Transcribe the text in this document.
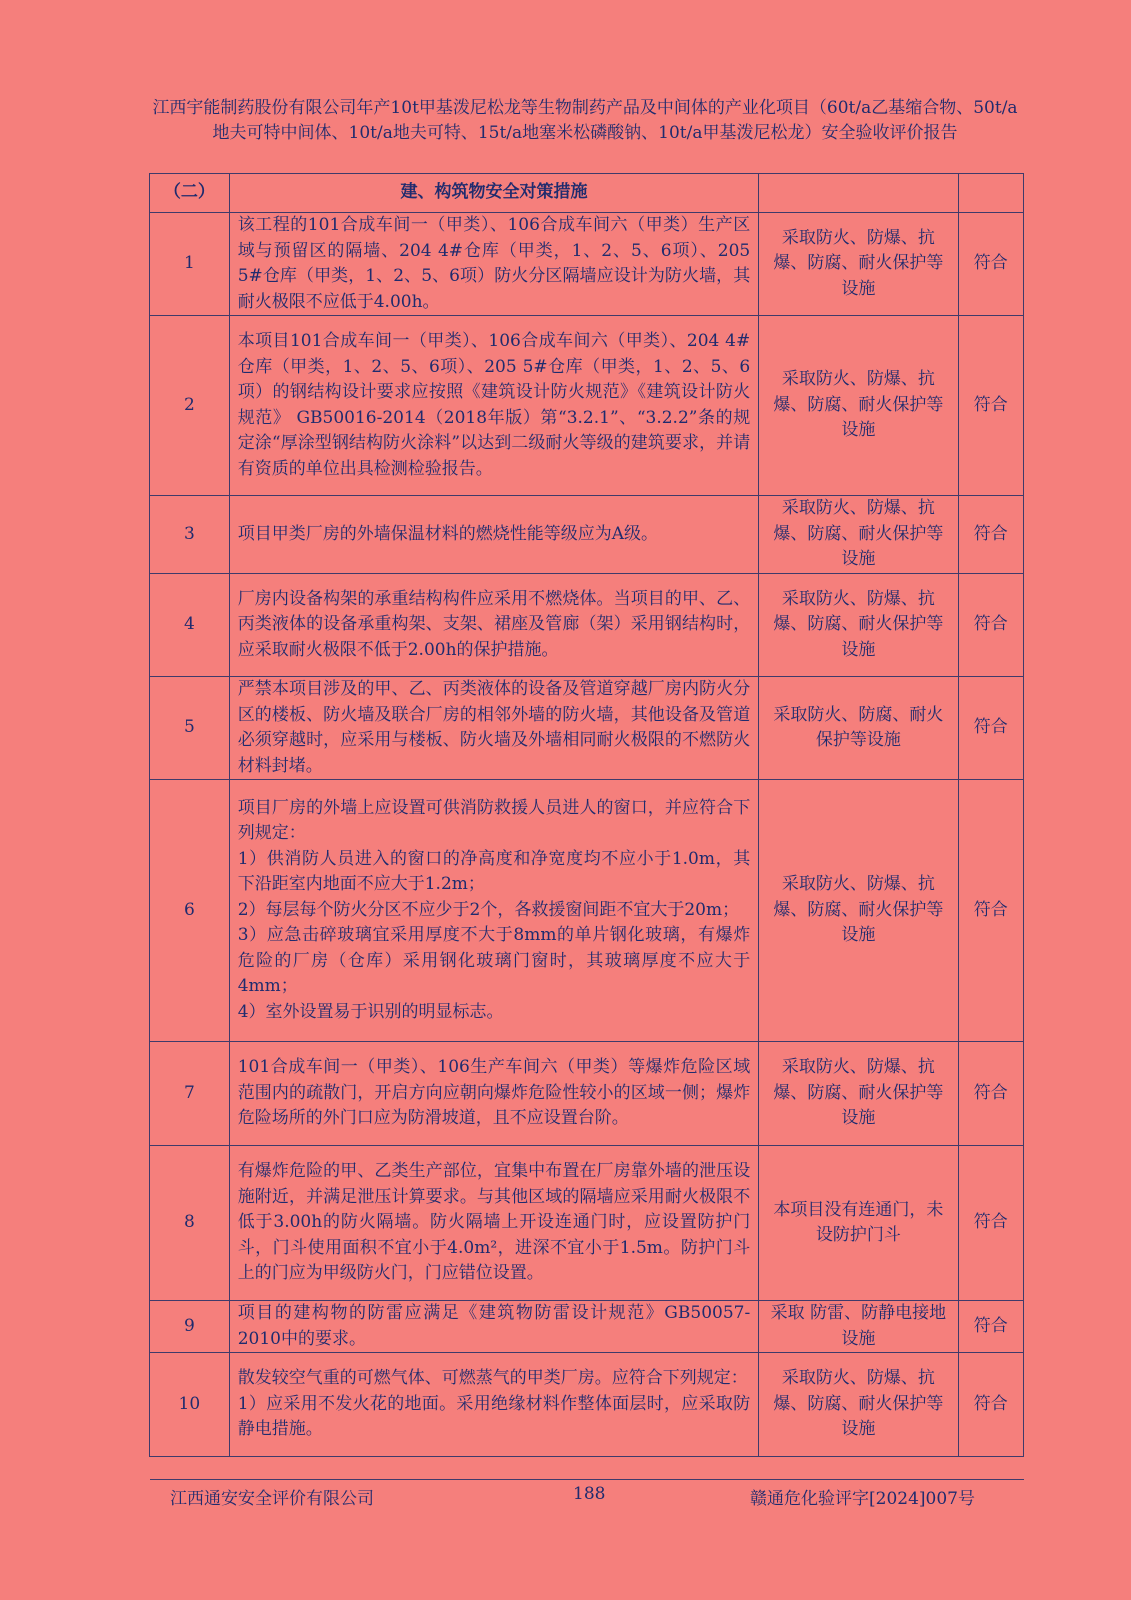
江西宇能制药股份有限公司年产10t甲基泼尼松龙等生物制药产品及中间体的产业化项目（60t/a乙基缩合物、50t/a地夫可特中间体、10t/a地夫可特、15t/a地塞米松磷酸钠、10t/a甲基泼尼松龙）安全验收评价报告
（二）	建、构筑物安全对策措施		
1	该工程的101合成车间一（甲类）、106合成车间六（甲类）生产区域与预留区的隔墙、204 4#仓库（甲类，1、2、5、6项）、205 5#仓库（甲类，1、2、5、6项）防火分区隔墙应设计为防火墙，其耐火极限不应低于4.00h。	采取防火、防爆、抗爆、防腐、耐火保护等设施	符合
2	本项目101合成车间一（甲类）、106合成车间六（甲类）、204 4#仓库（甲类，1、2、5、6项）、205 5#仓库（甲类，1、2、5、6项）的钢结构设计要求应按照《建筑设计防火规范》《建筑设计防火规范》 GB50016-2014（2018年版）第“3.2.1”、“3.2.2”条的规定涂“厚涂型钢结构防火涂料”以达到二级耐火等级的建筑要求，并请有资质的单位出具检测检验报告。	采取防火、防爆、抗爆、防腐、耐火保护等设施	符合
3	项目甲类厂房的外墙保温材料的燃烧性能等级应为A级。	采取防火、防爆、抗爆、防腐、耐火保护等设施	符合
4	厂房内设备构架的承重结构构件应采用不燃烧体。当项目的甲、乙、丙类液体的设备承重构架、支架、裙座及管廊（架）采用钢结构时，应采取耐火极限不低于2.00h的保护措施。	采取防火、防爆、抗爆、防腐、耐火保护等设施	符合
5	严禁本项目涉及的甲、乙、丙类液体的设备及管道穿越厂房内防火分区的楼板、防火墙及联合厂房的相邻外墙的防火墙，其他设备及管道必须穿越时，应采用与楼板、防火墙及外墙相同耐火极限的不燃防火材料封堵。	采取防火、防腐、耐火保护等设施	符合
6	项目厂房的外墙上应设置可供消防救援人员进人的窗口，并应符合下列规定：
1）供消防人员进入的窗口的净高度和净宽度均不应小于1.0m，其下沿距室内地面不应大于1.2m；
2）每层每个防火分区不应少于2个，各救援窗间距不宜大于20m；
3）应急击碎玻璃宜采用厚度不大于8mm的单片钢化玻璃，有爆炸危险的厂房（仓库）采用钢化玻璃门窗时，其玻璃厚度不应大于4mm；
4）室外设置易于识别的明显标志。	采取防火、防爆、抗爆、防腐、耐火保护等设施	符合
7	101合成车间一（甲类）、106生产车间六（甲类）等爆炸危险区域范围内的疏散门，开启方向应朝向爆炸危险性较小的区域一侧；爆炸危险场所的外门口应为防滑坡道，且不应设置台阶。	采取防火、防爆、抗爆、防腐、耐火保护等设施	符合
8	有爆炸危险的甲、乙类生产部位，宜集中布置在厂房靠外墙的泄压设施附近，并满足泄压计算要求。与其他区域的隔墙应采用耐火极限不低于3.00h的防火隔墙。防火隔墙上开设连通门时，应设置防护门斗，门斗使用面积不宜小于4.0m²，进深不宜小于1.5m。防护门斗上的门应为甲级防火门，门应错位设置。	本项目没有连通门，未设防护门斗	符合
9	项目的建构物的防雷应满足《建筑物防雷设计规范》GB50057-2010中的要求。	采取 防雷、防静电接地设施	符合
10	散发较空气重的可燃气体、可燃蒸气的甲类厂房。应符合下列规定：
1）应采用不发火花的地面。采用绝缘材料作整体面层时，应采取防静电措施。	采取防火、防爆、抗爆、防腐、耐火保护等设施	符合
江西通安安全评价有限公司	188	赣通危化验评字[2024]007号
